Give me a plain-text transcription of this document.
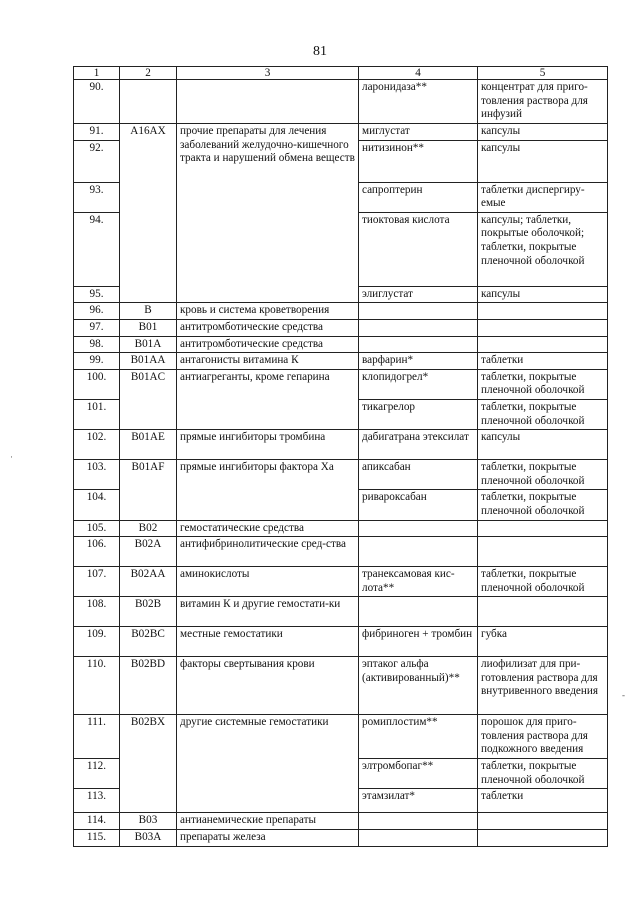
81
1	2	3	4	5
90.			ларонидаза**	концентрат для приго-товления раствора для инфузий
91.	A16AX	прочие препараты для лечения заболеваний желудочно-кишечного тракта и нарушений обмена веществ	миглустат	капсулы
92.			нитизинон**	капсулы
93.			сапроптерин	таблетки диспергиру-емые
94.			тиоктовая кислота	капсулы; таблетки, покрытые оболочкой; таблетки, покрытые пленочной оболочкой
95.			элиглустат	капсулы
96.	B	кровь и система кроветворения		
97.	B01	антитромботические средства		
98.	B01A	антитромботические средства		
99.	B01AA	антагонисты витамина К	варфарин*	таблетки
100.	B01AC	антиагреганты, кроме гепарина	клопидогрел*	таблетки, покрытые пленочной оболочкой
101.			тикагрелор	таблетки, покрытые пленочной оболочкой
102.	B01AE	прямые ингибиторы тромбина	дабигатрана этексилат	капсулы
103.	B01AF	прямые ингибиторы фактора Xa	апиксабан	таблетки, покрытые пленочной оболочкой
104.			ривароксабан	таблетки, покрытые пленочной оболочкой
105.	B02	гемостатические средства		
106.	B02A	антифибринолитические сред-ства		
107.	B02AA	аминокислоты	транексамовая кис-лота**	таблетки, покрытые пленочной оболочкой
108.	B02B	витамин К и другие гемостати-ки		
109.	B02BC	местные гемостатики	фибриноген + тромбин	губка
110.	B02BD	факторы свертывания крови	эптаког альфа (активированный)**	лиофилизат для при-готовления раствора для внутривенного введения
111.	B02BX	другие системные гемостатики	ромиплостим**	порошок для приго-товления раствора для подкожного введения
112.			элтромбопаг**	таблетки, покрытые пленочной оболочкой
113.			этамзилат*	таблетки
114.	B03	антианемические препараты		
115.	B03A	препараты железа		
·
‑
